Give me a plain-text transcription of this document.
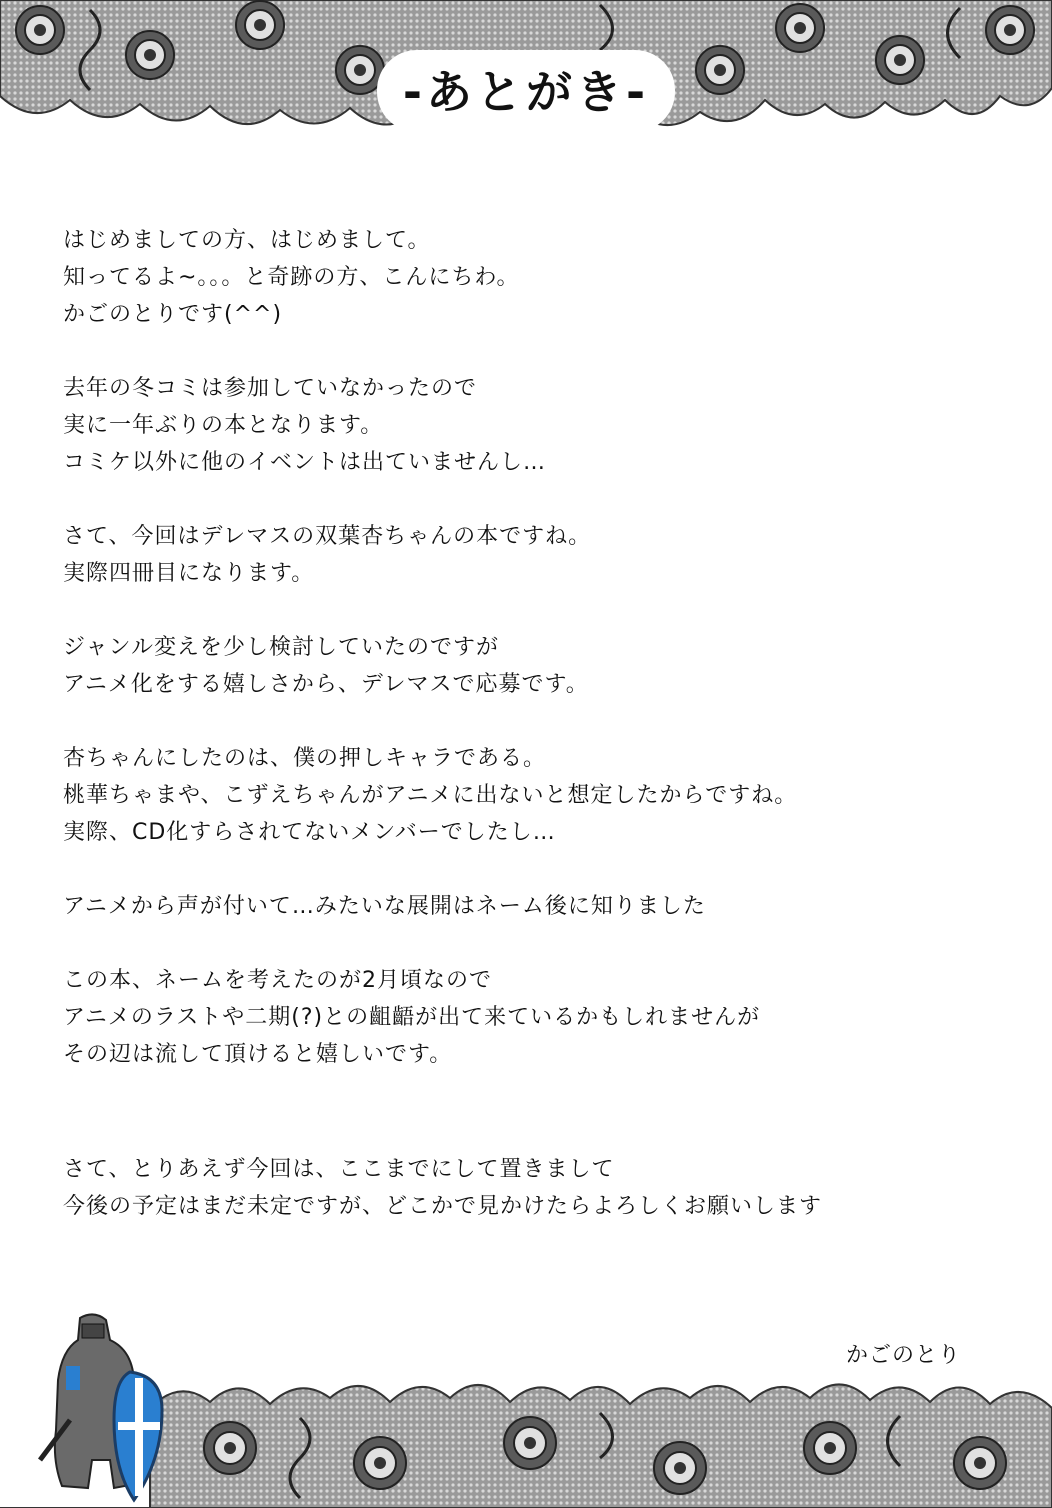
-あとがき-
はじめましての方、はじめまして。
知ってるよ~。。。と奇跡の方、こんにちわ。
かごのとりです(^^)
去年の冬コミは参加していなかったので
実に一年ぶりの本となります。
コミケ以外に他のイベントは出ていませんし…
さて、今回はデレマスの双葉杏ちゃんの本ですね。
実際四冊目になります。
ジャンル変えを少し検討していたのですが
アニメ化をする嬉しさから、デレマスで応募です。
杏ちゃんにしたのは、僕の押しキャラである。
桃華ちゃまや、こずえちゃんがアニメに出ないと想定したからですね。
実際、CD化すらされてないメンバーでしたし…
アニメから声が付いて…みたいな展開はネーム後に知りました
この本、ネームを考えたのが2月頃なので
アニメのラストや二期(?)との齟齬が出て来ているかもしれませんが
その辺は流して頂けると嬉しいです。
さて、とりあえず今回は、ここまでにして置きまして
今後の予定はまだ未定ですが、どこかで見かけたらよろしくお願いします
かごのとり
